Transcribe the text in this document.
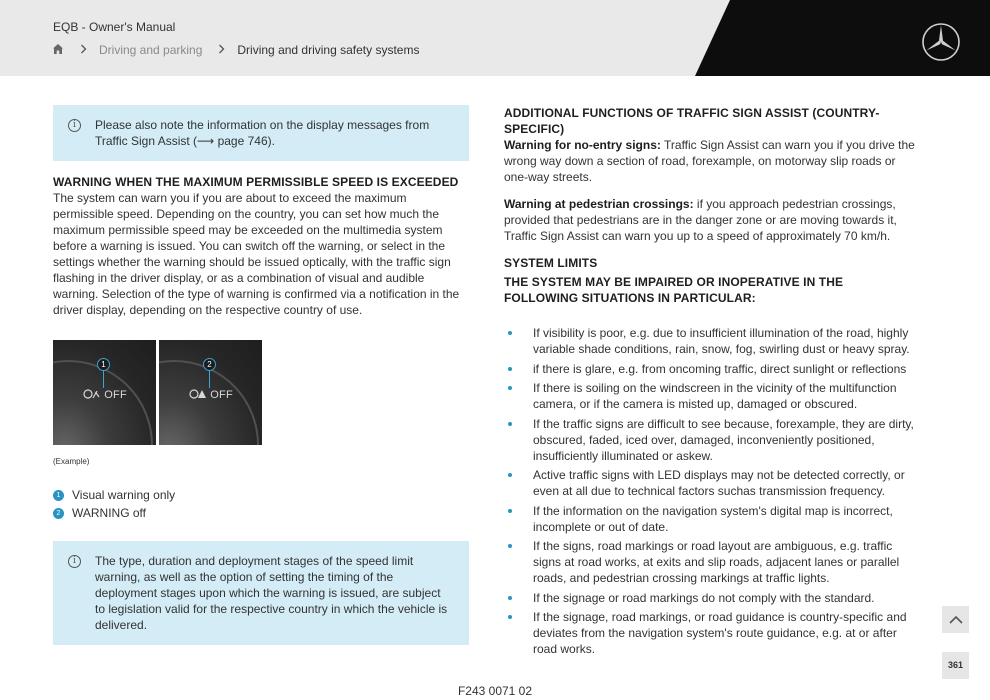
EQB - Owner's Manual
Driving and parking	Driving and driving safety systems
i	Please also note the information on the display messages from Traffic Sign Assist (⟶ page 746).
WARNING WHEN THE MAXIMUM PERMISSIBLE SPEED IS EXCEEDED
The system can warn you if you are about to exceed the maximum permissible speed. Depending on the country, you can set how much the maximum permissible speed may be exceeded on the multimedia system before a warning is issued. You can switch off the warning, or select in the settings whether the warning should be issued optically, with the traffic sign flashing in the driver display, or as a combination of visual and audible warning. Selection of the type of warning is confirmed via a notification in the driver display, depending on the respective country of use.
1
OFF
2
OFF
(Example)
1 Visual warning only
2 WARNING off
i	The type, duration and deployment stages of the speed limit warning, as well as the option of setting the timing of the deployment stages upon which the warning is issued, are subject to legislation valid for the respective country in which the vehicle is delivered.
ADDITIONAL FUNCTIONS OF TRAFFIC SIGN ASSIST (COUNTRY-SPECIFIC)
Warning for no-entry signs: Traffic Sign Assist can warn you if you drive the wrong way down a section of road, forexample, on motorway slip roads or one-way streets.
Warning at pedestrian crossings: if you approach pedestrian crossings, provided that pedestrians are in the danger zone or are moving towards it, Traffic Sign Assist can warn you up to a speed of approximately 70 km/h.
SYSTEM LIMITS
THE SYSTEM MAY BE IMPAIRED OR INOPERATIVE IN THE FOLLOWING SITUATIONS IN PARTICULAR:
If visibility is poor, e.g. due to insufficient illumination of the road, highly variable shade conditions, rain, snow, fog, swirling dust or heavy spray.
if there is glare, e.g. from oncoming traffic, direct sunlight or reflections
If there is soiling on the windscreen in the vicinity of the multifunction camera, or if the camera is misted up, damaged or obscured.
If the traffic signs are difficult to see because, forexample, they are dirty, obscured, faded, iced over, damaged, inconveniently positioned, insufficiently illuminated or askew.
Active traffic signs with LED displays may not be detected correctly, or even at all due to technical factors suchas transmission frequency.
If the information on the navigation system's digital map is incorrect, incomplete or out of date.
If the signs, road markings or road layout are ambiguous, e.g. traffic signs at road works, at exits and slip roads, adjacent lanes or parallel roads, and pedestrian crossing markings at traffic lights.
If the signage or road markings do not comply with the standard.
If the signage, road markings, or road guidance is country-specific and deviates from the navigation system's route guidance, e.g. at or after road works.
361
F243 0071 02
